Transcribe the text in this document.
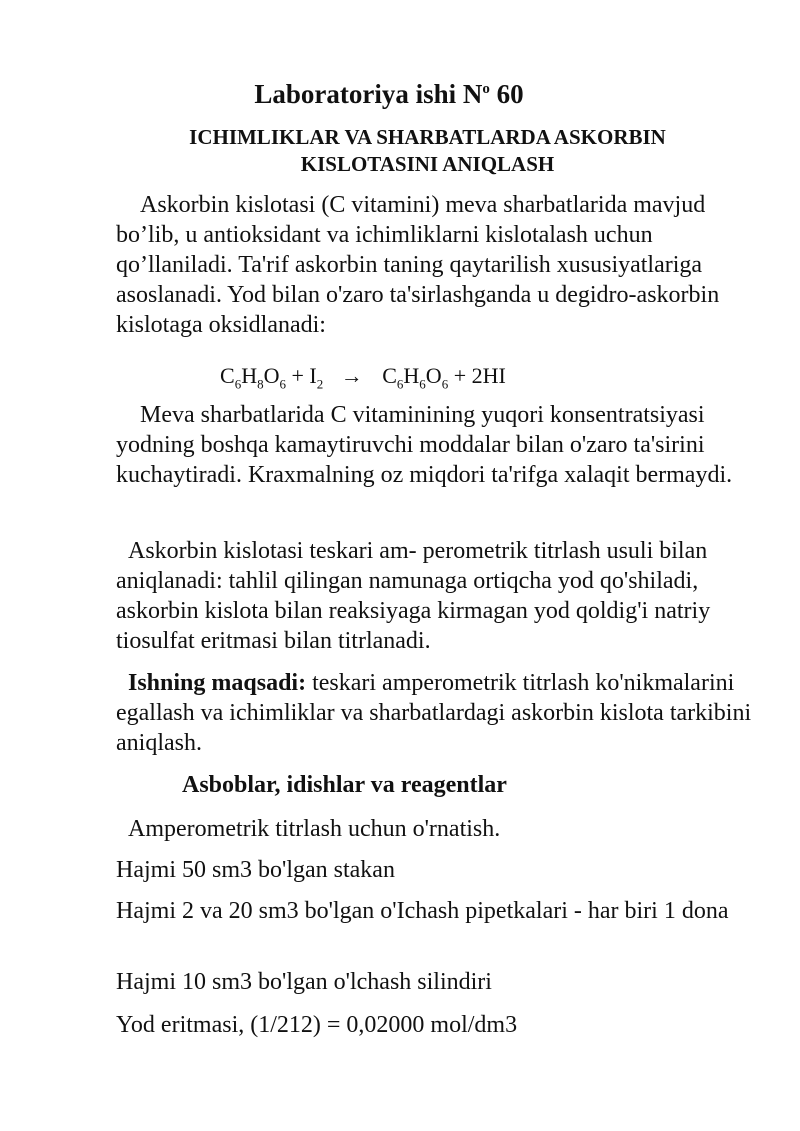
Laboratoriya ishi $N^o$ 60
ICHIMLIKLAR VA SHARBATLARDA ASKORBIN KISLOTASINI ANIQLASH

Askorbin kislotasi (C vitamini) meva sharbatlarida mavjud bo’lib, u antioksidant va ichimliklarni kislotalash uchun qo’llaniladi. Ta'rif askorbin taning qaytarilish xususiyatlariga asoslanadi. Yod bilan o'zaro ta'sirlashganda u degidro-askorbin kislotaga oksidlanadi:

$C_6H_8O_6 + I_2 \to C_6H_6O_6 + 2HI$

Meva sharbatlarida C vitaminining yuqori konsentratsiyasi yodning boshqa kamaytiruvchi moddalar bilan o'zaro ta'sirini kuchaytiradi. Kraxmalning oz miqdori ta'rifga xalaqit bermaydi.

Askorbin kislotasi teskari am- perometrik titrlash usuli bilan aniqlanadi: tahlil qilingan namunaga ortiqcha yod qo'shiladi, askorbin kislota bilan reaksiyaga kirmagan yod qoldig'i natriy tiosulfat eritmasi bilan titrlanadi.

Ishning maqsadi: teskari amperometrik titrlash ko'nikmalarini egallash va ichimliklar va sharbatlardagi askorbin kislota tarkibini aniqlash.

Asboblar, idishlar va reagentlar

Amperometrik titrlash uchun o'rnatish.

Hajmi 50 sm3 bo'lgan stakan

Hajmi 2 va 20 sm3 bo'lgan o'Ichash pipetkalari - har biri 1 dona

Hajmi 10 sm3 bo'lgan o'lchash silindiri

Yod eritmasi, (1/212) = 0,02000 mol/dm3
